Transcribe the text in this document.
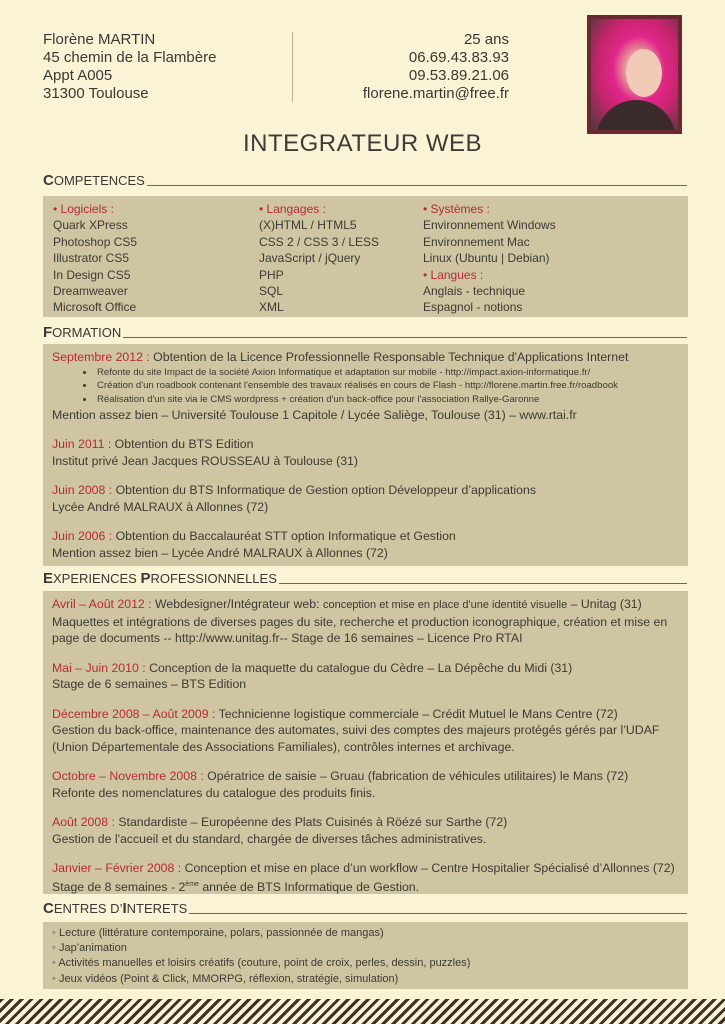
Florène MARTIN
45 chemin de la Flambère
Appt A005
31300 Toulouse
25 ans
06.69.43.83.93
09.53.89.21.06
florene.martin@free.fr
INTEGRATEUR WEB
COMPETENCES
• Logiciels :
Quark XPress
Photoshop CS5
Illustrator CS5
In Design CS5
Dreamweaver
Microsoft Office
• Langages :
(X)HTML / HTML5
CSS 2 / CSS 3 / LESS
JavaScript / jQuery
PHP
SQL
XML
• Systèmes :
Environnement Windows
Environnement Mac
Linux (Ubuntu | Debian)
• Langues :
Anglais - technique
Espagnol - notions
FORMATION
Septembre 2012 : Obtention de la Licence Professionnelle Responsable Technique d'Applications Internet
• Refonte du site Impact de la société Axion Informatique et adaptation sur mobile - http://impact.axion-informatique.fr/
• Création d'un roadbook contenant l'ensemble des travaux réalisés en cours de Flash - http://florene.martin.free.fr/roadbook
• Réalisation d'un site via le CMS wordpress + création d'un back-office pour l'association Rallye-Garonne
Mention assez bien – Université Toulouse 1 Capitole / Lycée Saliège, Toulouse (31) – www.rtai.fr
Juin 2011 : Obtention du BTS Edition
Institut privé Jean Jacques ROUSSEAU à Toulouse (31)
Juin 2008 : Obtention du BTS Informatique de Gestion option Développeur d’applications
Lycée André MALRAUX à Allonnes (72)
Juin 2006 : Obtention du Baccalauréat STT option Informatique et Gestion
Mention assez bien – Lycée André MALRAUX à Allonnes (72)
EXPERIENCES PROFESSIONNELLES
Avril – Août 2012 : Webdesigner/Intégrateur web: conception et mise en place d'une identité visuelle – Unitag (31)
Maquettes et intégrations de diverses pages du site, recherche et production iconographique, création et mise en
page de documents -- http://www.unitag.fr-- Stage de 16 semaines – Licence Pro RTAI
Mai – Juin 2010 : Conception de la maquette du catalogue du Cèdre – La Dépêche du Midi (31)
Stage de 6 semaines – BTS Edition
Décembre 2008 – Août 2009 : Technicienne logistique commerciale – Crédit Mutuel le Mans Centre (72)
Gestion du back-office, maintenance des automates, suivi des comptes des majeurs protégés gérés par l’UDAF
(Union Départementale des Associations Familiales), contrôles internes et archivage.
Octobre – Novembre 2008 : Opératrice de saisie – Gruau (fabrication de véhicules utilitaires) le Mans (72)
Refonte des nomenclatures du catalogue des produits finis.
Août 2008 : Standardiste – Européenne des Plats Cuisinés à Röézé sur Sarthe (72)
Gestion de l'accueil et du standard, chargée de diverses tâches administratives.
Janvier – Février 2008 : Conception et mise en place d’un workflow – Centre Hospitalier Spécialisé d’Allonnes (72)
Stage de 8 semaines - 2ème année de BTS Informatique de Gestion.
CENTRES D’INTERETS
◦ Lecture (littérature contemporaine, polars, passionnée de mangas)
◦ Jap’animation
◦ Activités manuelles et loisirs créatifs (couture, point de croix, perles, dessin, puzzles)
◦ Jeux vidéos (Point & Click, MMORPG, réflexion, stratégie, simulation)
